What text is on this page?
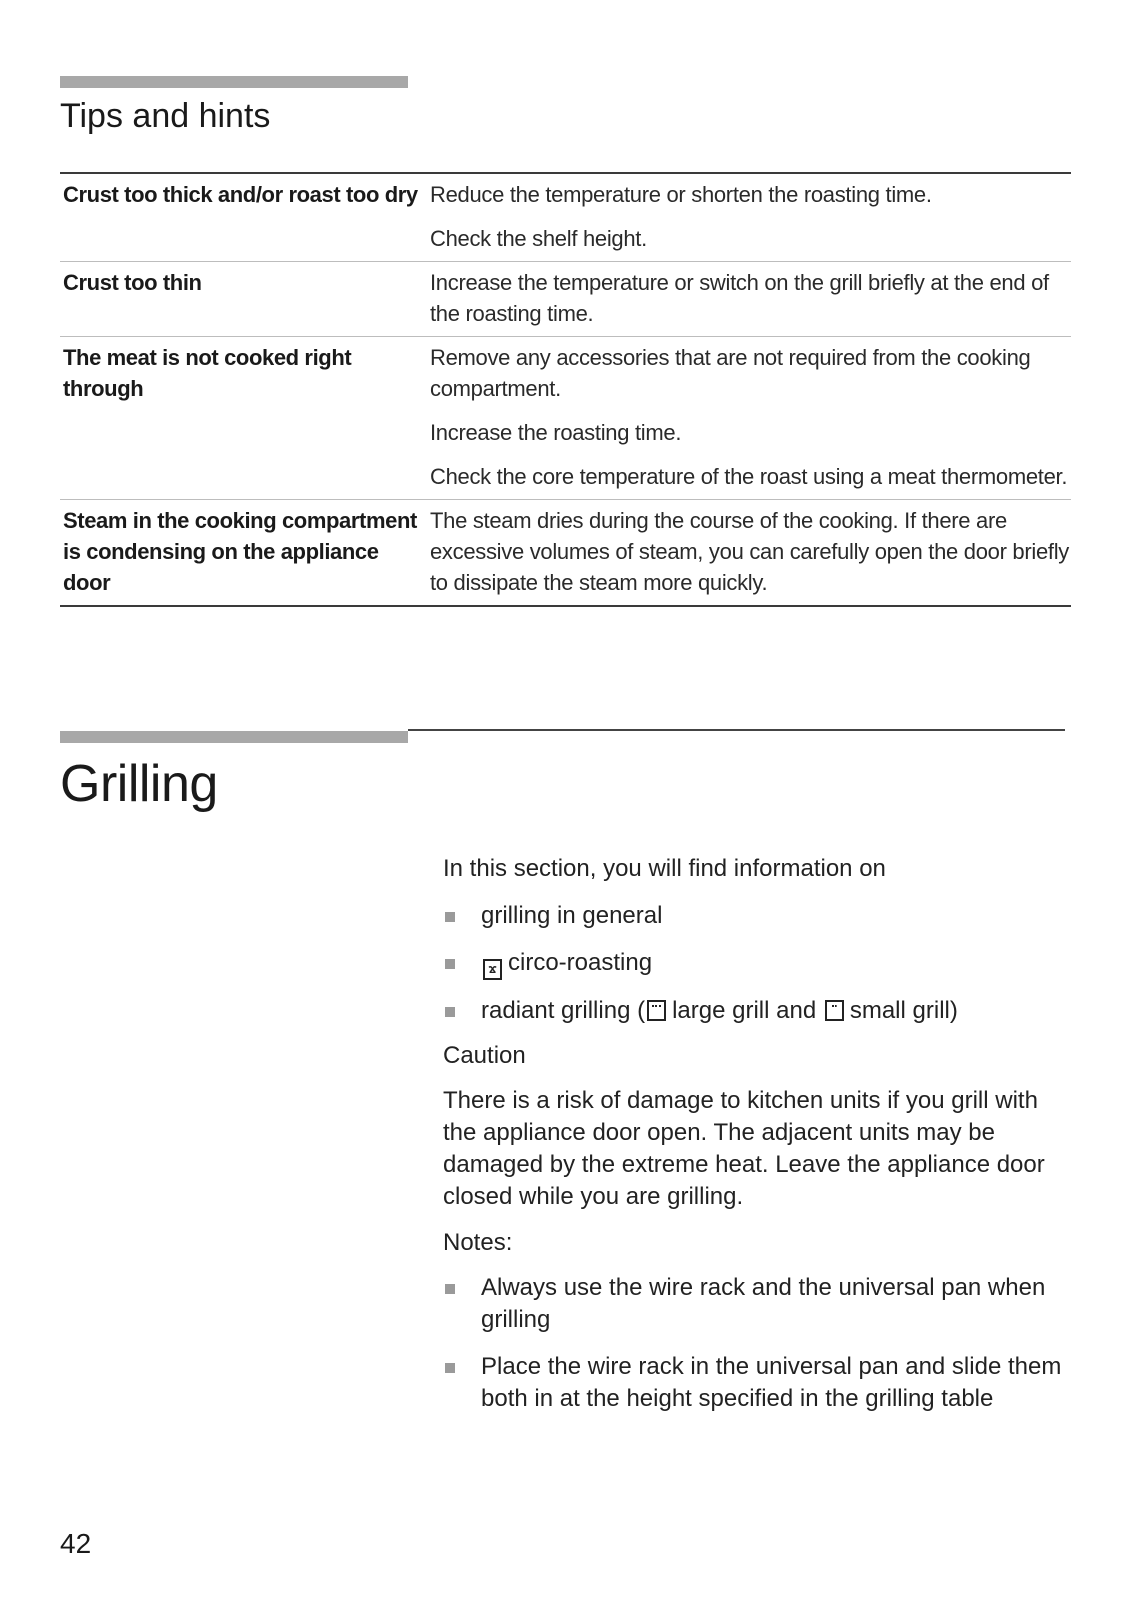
Tips and hints
Crust too thick and/or roast too dry Reduce the temperature or shorten the roasting time.

Check the shelf height.

Crust too thin	Increase the temperature or switch on the grill briefly at the end of the roasting time.

The meat is not cooked right through

Remove any accessories that are not required from the cooking compartment.

Increase the roasting time.

Check the core temperature of the roast using a meat thermometer.

Steam in the cooking compartment is condensing on the appliance door

The steam dries during the course of the cooking. If there are excessive volumes of steam, you can carefully open the door briefly to dissipate the steam more quickly.

Grilling

In this section, you will find information on

grilling in general
ϫ circo-roasting
radiant grilling ( large grill and small grill)

Caution

There is a risk of damage to kitchen units if you grill with the appliance door open. The adjacent units may be damaged by the extreme heat. Leave the appliance door closed while you are grilling.

Notes:

Always use the wire rack and the universal pan when grilling
Place the wire rack in the universal pan and slide them both in at the height specified in the grilling table
42
